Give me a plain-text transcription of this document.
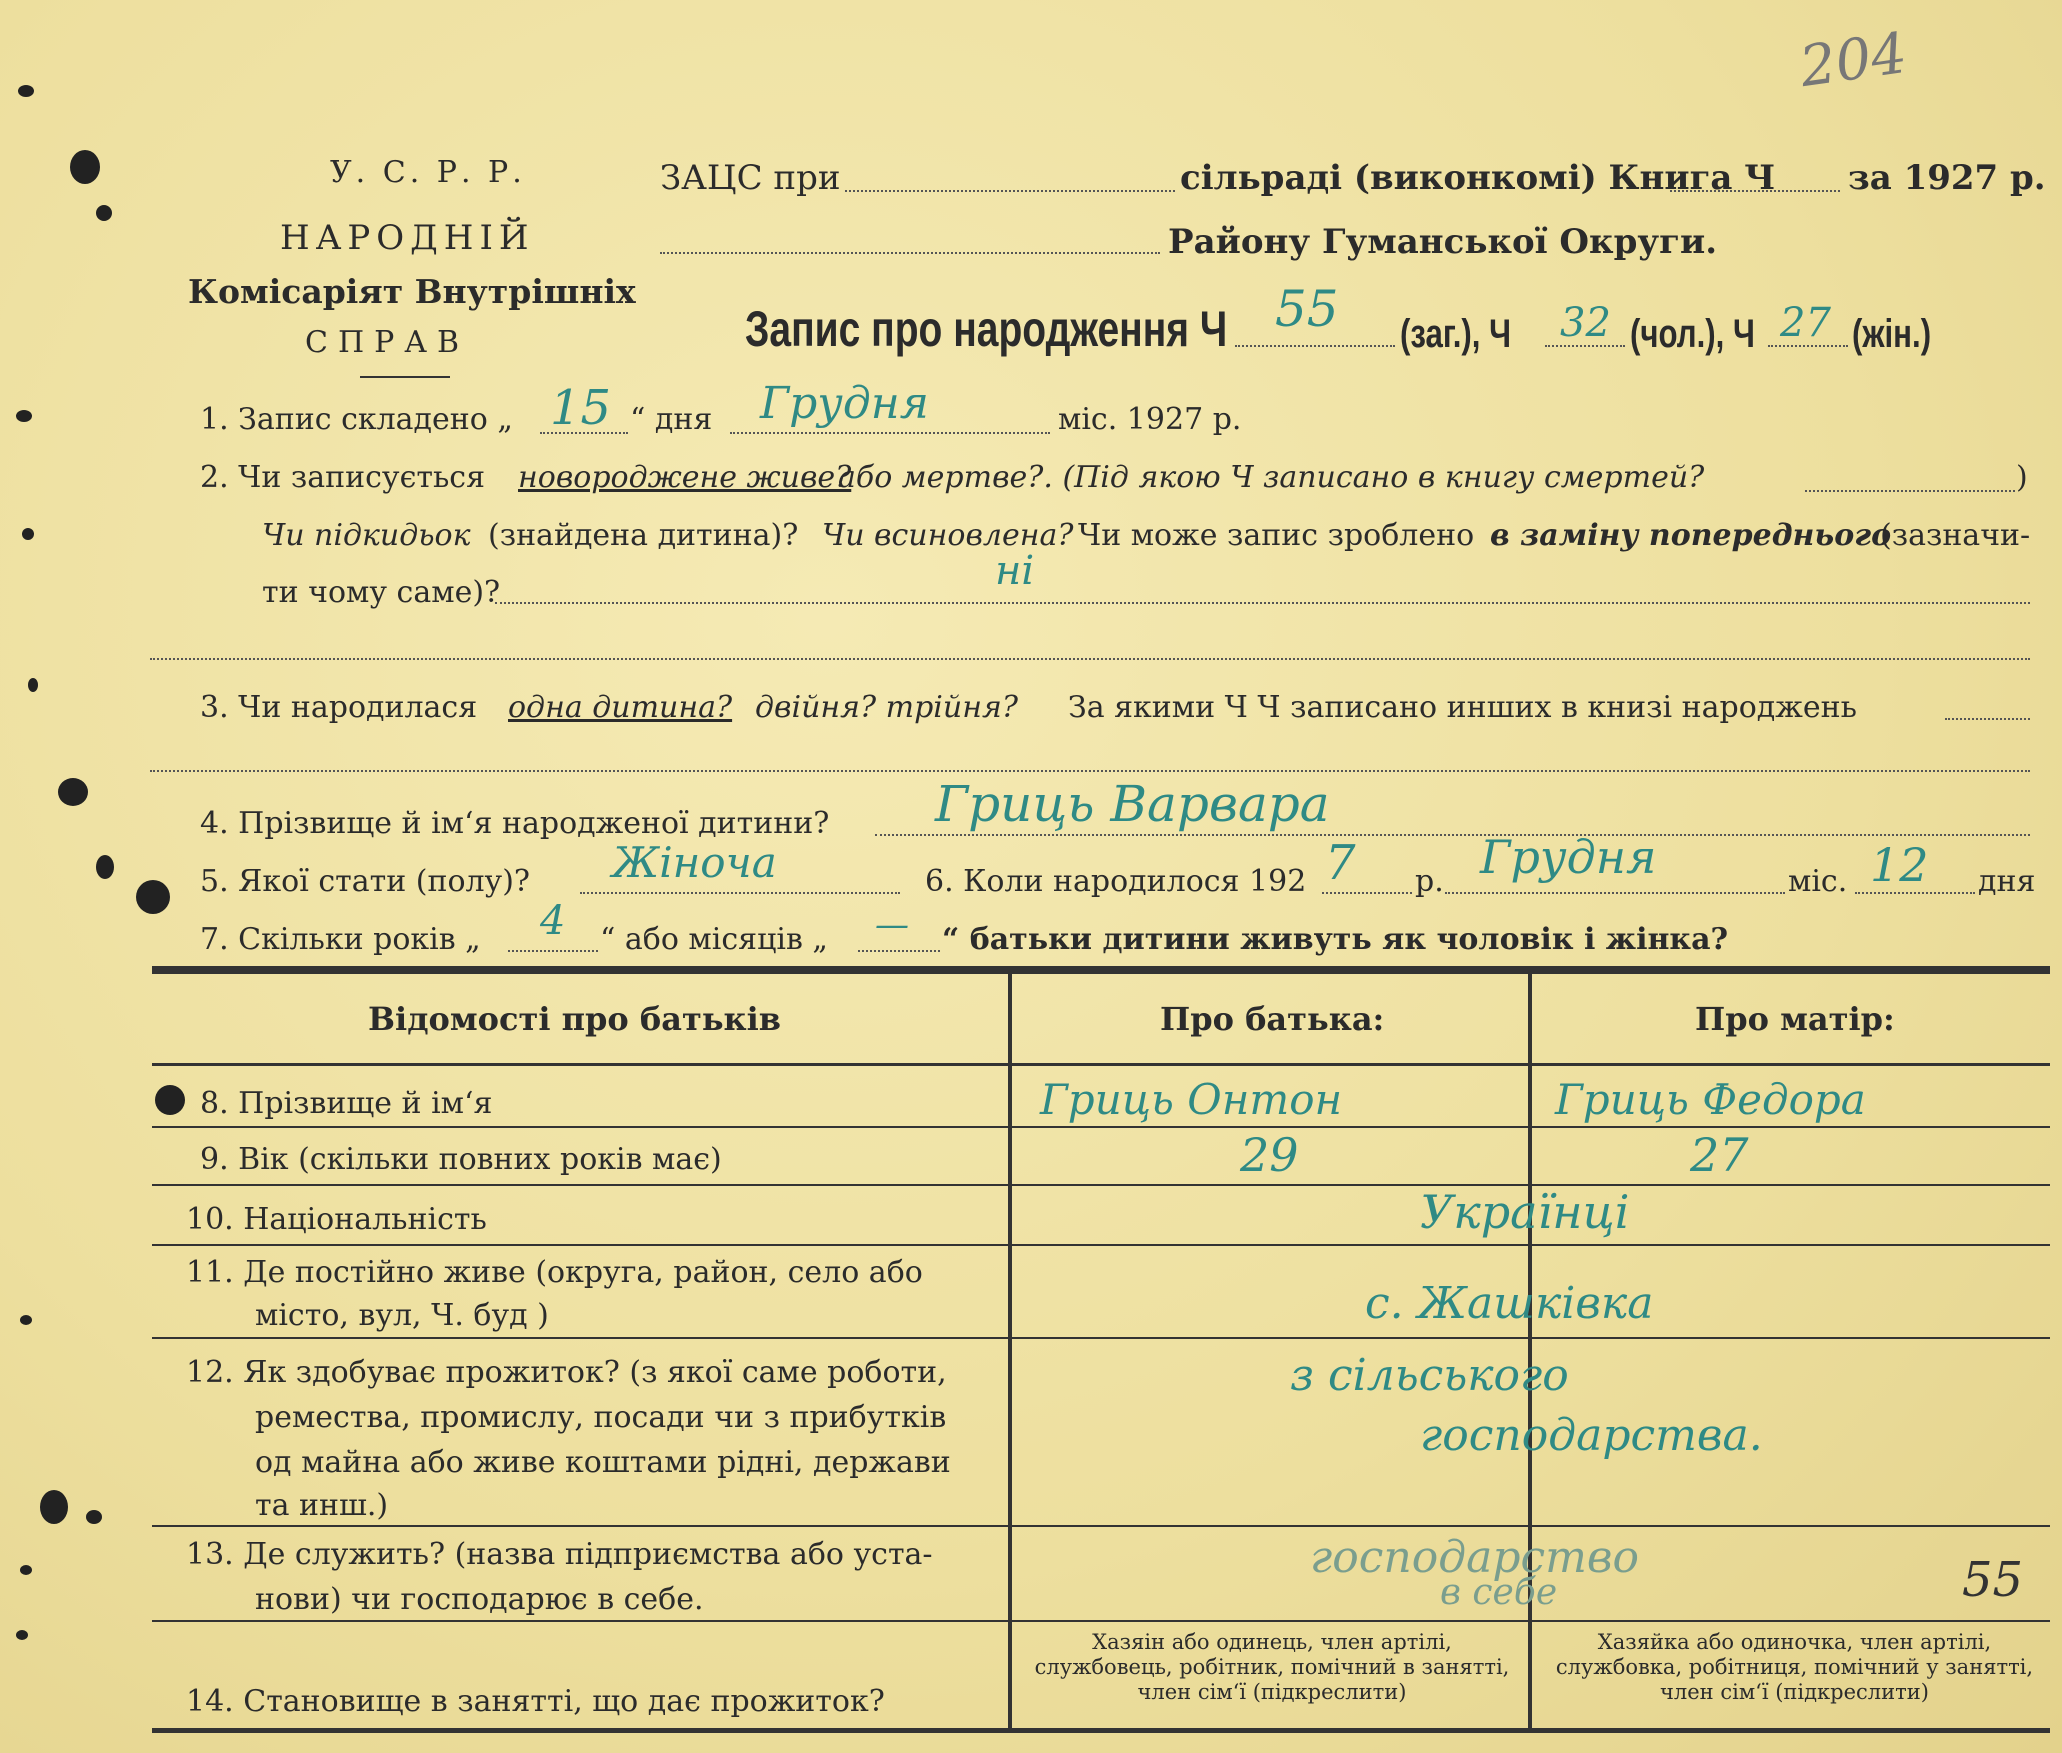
204
У. С. Р. Р.
НАРОДНІЙ
Комісаріят Внутрішніх
СПРАВ
ЗАЦС при	сільраді (виконкомі) Книга Ч за 1927 р.
Району Гуманської Округи.
Запис про народження Ч 55 (заг.), Ч 32 (чол.), Ч 27 (жін.)
1. Запис складено „ 15 “ дня Грудня	міс. 1927 р.
2. Чи записується новороджене живе?
або мертве?. (Під якою Ч записано в книгу смертей?	)
Чи підкидьок (знайдена дитина)? Чи всиновлена? Чи може запис зроблено в заміну попереднього
(зазначи-
ти чому саме)?	ні
3. Чи народилася одна дитина? двійня? трійня? За якими Ч Ч записано инших в книзі народжень
4. Прізвище й ім‘я народженої дитини? Гриць Варвара
5. Якої стати (полу)? Жіноча	6. Коли народилося 192 7 р. Грудня	міс. 12 дня
7. Скільки років „ 4 “ або місяців „ — “ батьки дитини живуть як чоловік і жінка?
Відомості про батьків	Про батька:	Про матір:
8. Прізвище й ім‘я	Гриць Онтон	Гриць Федора
9. Вік (скільки повних років має)	29	27
10. Національність	Українці
11. Де постійно живе (округа, район, село або
місто, вул, Ч. буд )	с. Жашківка
12. Як здобуває прожиток? (з якої саме роботи,
ремества, промислу, посади чи з прибутків
од майна або живе коштами рідні, держави
та инш.)
з сільського
господарства.
13. Де служить? (назва підприємства або уста-
нови) чи господарює в себе.
господарство
в себе	55
14. Становище в занятті, що дає прожиток?
Хазяін або одинець, член артілі, службовець, робітник, помічний в занятті, член сім‘ї (підкреслити)
Хазяйка або одиночка, член артілі, службовка, робітниця, помічний у занятті, член сім‘ї (підкреслити)
